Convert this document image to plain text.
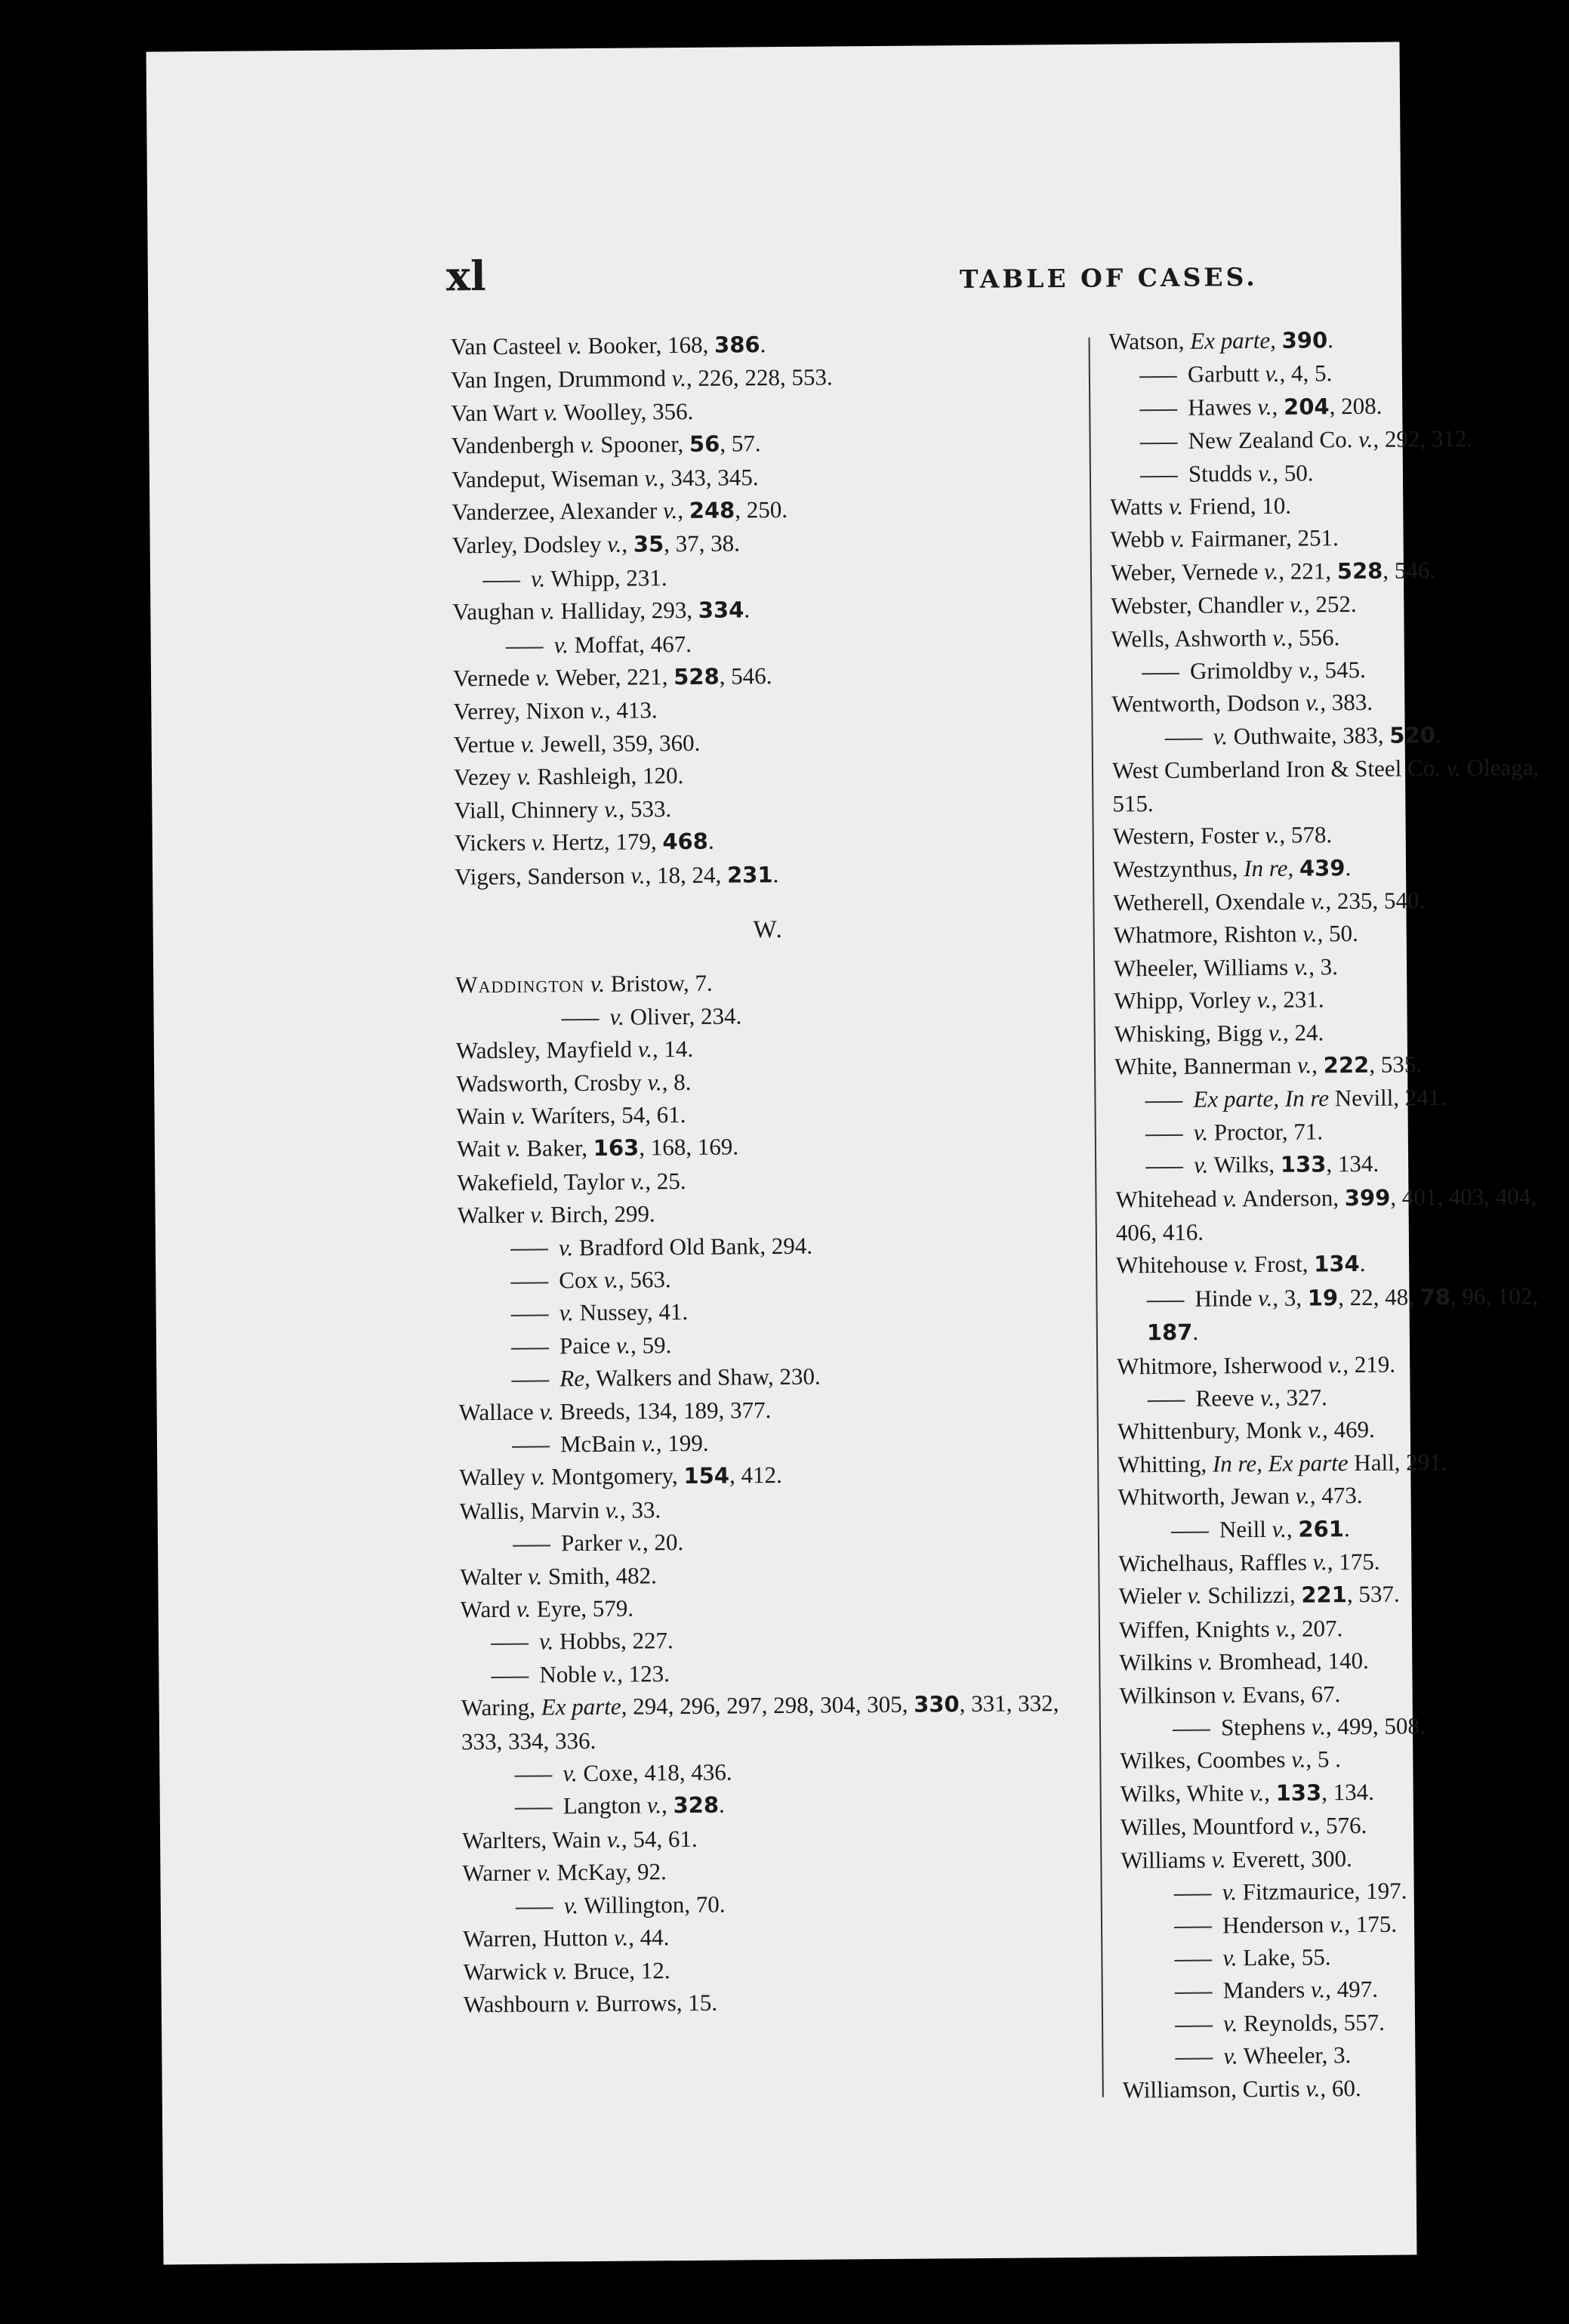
xl	TABLE OF CASES.
Van Casteel v. Booker, 168, 386.
Van Ingen, Drummond v., 226, 228, 553.
Van Wart v. Woolley, 356.
Vandenbergh v. Spooner, 56, 57.
Vandeput, Wiseman v., 343, 345.
Vanderzee, Alexander v., 248, 250.
Varley, Dodsley v., 35, 37, 38.
v. Whipp, 231.
Vaughan v. Halliday, 293, 334.
v. Moffat, 467.
Vernede v. Weber, 221, 528, 546.
Verrey, Nixon v., 413.
Vertue v. Jewell, 359, 360.
Vezey v. Rashleigh, 120.
Viall, Chinnery v., 533.
Vickers v. Hertz, 179, 468.
Vigers, Sanderson v., 18, 24, 231.
W.
Waddington v. Bristow, 7.
v. Oliver, 234.
Wadsley, Mayfield v., 14.
Wadsworth, Crosby v., 8.
Wain v. Waríters, 54, 61.
Wait v. Baker, 163, 168, 169.
Wakefield, Taylor v., 25.
Walker v. Birch, 299.
v. Bradford Old Bank, 294.
Cox v., 563.
v. Nussey, 41.
Paice v., 59.
Re, Walkers and Shaw, 230.
Wallace v. Breeds, 134, 189, 377.
McBain v., 199.
Walley v. Montgomery, 154, 412.
Wallis, Marvin v., 33.
Parker v., 20.
Walter v. Smith, 482.
Ward v. Eyre, 579.
v. Hobbs, 227.
Noble v., 123.
Waring, Ex parte, 294, 296, 297, 298, 304, 305, 330, 331, 332, 333, 334, 336.
v. Coxe, 418, 436.
Langton v., 328.
Warlters, Wain v., 54, 61.
Warner v. McKay, 92.
v. Willington, 70.
Warren, Hutton v., 44.
Warwick v. Bruce, 12.
Washbourn v. Burrows, 15.
Watson, Ex parte, 390.
Garbutt v., 4, 5.
Hawes v., 204, 208.
New Zealand Co. v., 292, 312.
Studds v., 50.
Watts v. Friend, 10.
Webb v. Fairmaner, 251.
Weber, Vernede v., 221, 528, 546.
Webster, Chandler v., 252.
Wells, Ashworth v., 556.
Grimoldby v., 545.
Wentworth, Dodson v., 383.
v. Outhwaite, 383, 520.
West Cumberland Iron & Steel Co. v. Oleaga, 515.
Western, Foster v., 578.
Westzynthus, In re, 439.
Wetherell, Oxendale v., 235, 540.
Whatmore, Rishton v., 50.
Wheeler, Williams v., 3.
Whipp, Vorley v., 231.
Whisking, Bigg v., 24.
White, Bannerman v., 222, 535.
Ex parte, In re Nevill, 241.
v. Proctor, 71.
v. Wilks, 133, 134.
Whitehead v. Anderson, 399, 401, 403, 404, 406, 416.
Whitehouse v. Frost, 134.
Hinde v., 3, 19, 22, 48, 78, 96, 102, 187.
Whitmore, Isherwood v., 219.
Reeve v., 327.
Whittenbury, Monk v., 469.
Whitting, In re, Ex parte Hall, 291.
Whitworth, Jewan v., 473.
Neill v., 261.
Wichelhaus, Raffles v., 175.
Wieler v. Schilizzi, 221, 537.
Wiffen, Knights v., 207.
Wilkins v. Bromhead, 140.
Wilkinson v. Evans, 67.
Stephens v., 499, 508.
Wilkes, Coombes v., 5 .
Wilks, White v., 133, 134.
Willes, Mountford v., 576.
Williams v. Everett, 300.
v. Fitzmaurice, 197.
Henderson v., 175.
v. Lake, 55.
Manders v., 497.
v. Reynolds, 557.
v. Wheeler, 3.
Williamson, Curtis v., 60.
